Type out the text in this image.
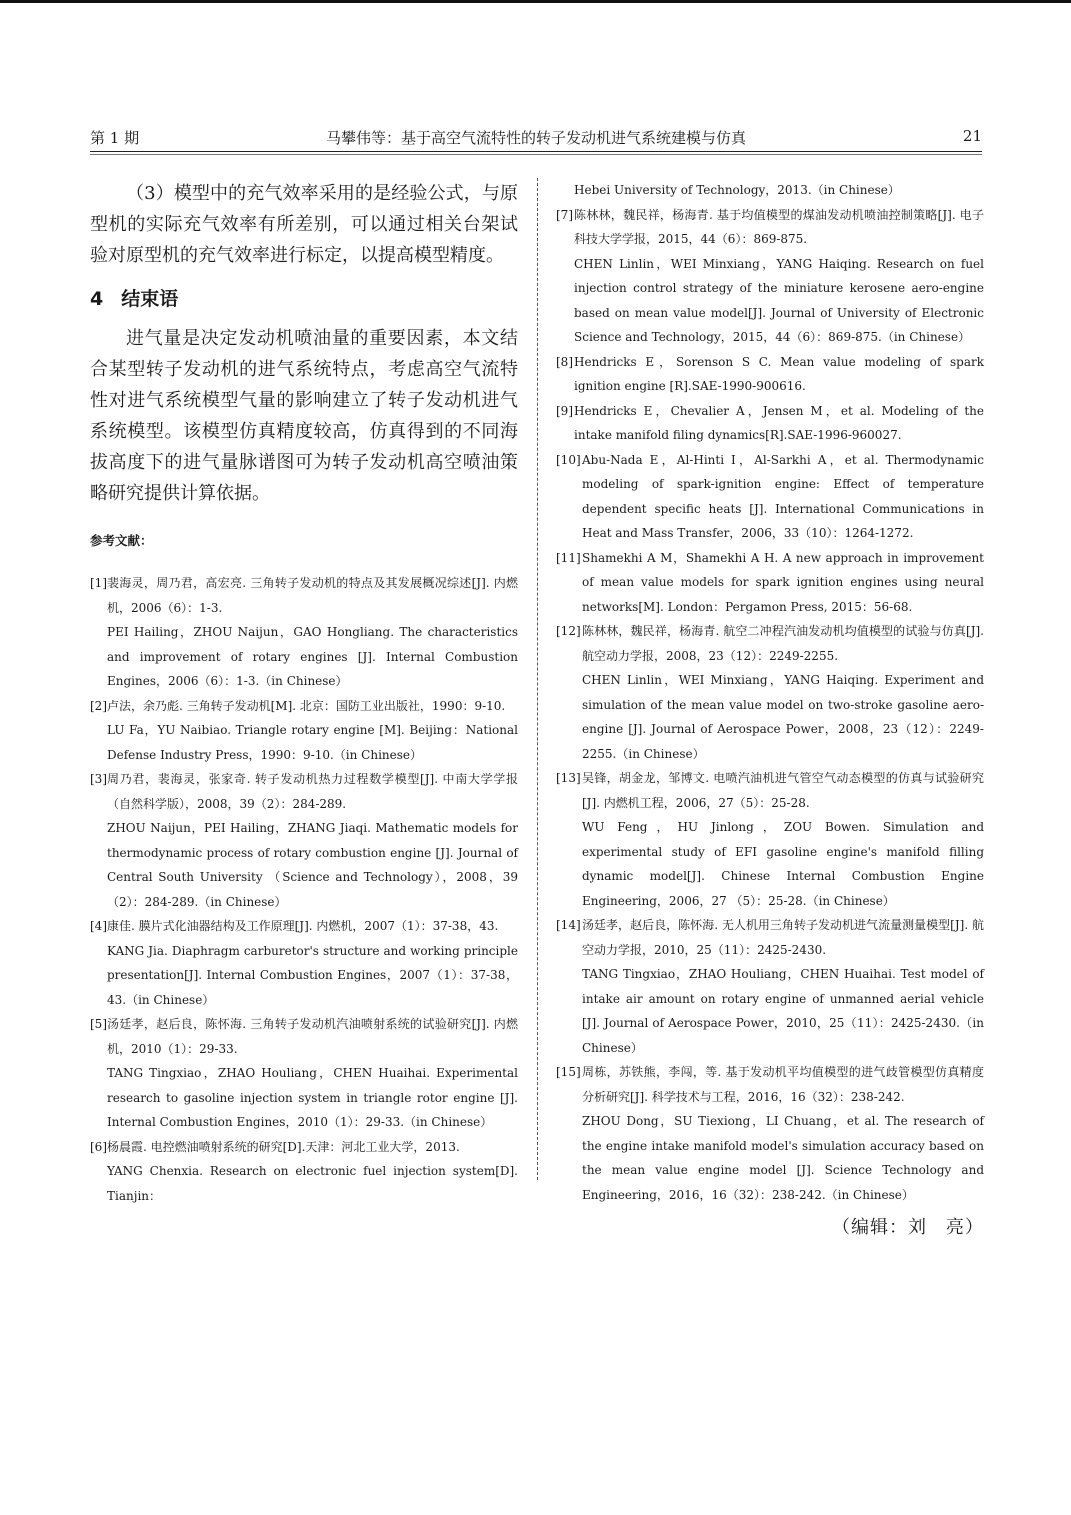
第 1 期	马攀伟等：基于高空气流特性的转子发动机进气系统建模与仿真	21

（3）模型中的充气效率采用的是经验公式，与原型机的实际充气效率有所差别，可以通过相关台架试验对原型机的充气效率进行标定，以提高模型精度。

4 结束语

进气量是决定发动机喷油量的重要因素，本文结合某型转子发动机的进气系统特点，考虑高空气流特性对进气系统模型气量的影响建立了转子发动机进气系统模型。该模型仿真精度较高，仿真得到的不同海拔高度下的进气量脉谱图可为转子发动机高空喷油策略研究提供计算依据。

参考文献：
[1] 裴海灵，周乃君，高宏亮. 三角转子发动机的特点及其发展概况综述[J]. 内燃机，2006（6）：1-3.

PEI Hailing，ZHOU Naijun，GAO Hongliang. The characteristics and improvement of rotary engines [J]. Internal Combustion Engines，2006（6）：1-3.（in Chinese）

[2] 卢法，余乃彪. 三角转子发动机[M]. 北京：国防工业出版社，1990：9-10.

LU Fa，YU Naibiao. Triangle rotary engine [M]. Beijing：National Defense Industry Press，1990：9-10.（in Chinese）

[3] 周乃君，裴海灵，张家奇. 转子发动机热力过程数学模型[J]. 中南大学学报（自然科学版），2008，39（2）：284-289.

ZHOU Naijun，PEI Hailing，ZHANG Jiaqi. Mathematic models for thermodynamic process of rotary combustion engine [J]. Journal of Central South University （Science and Technology），2008，39 （2）：284-289.（in Chinese）

[4] 康佳. 膜片式化油器结构及工作原理[J]. 内燃机，2007（1）：37-38，43.

KANG Jia. Diaphragm carburetor's structure and working principle presentation[J]. Internal Combustion Engines，2007（1）：37-38，43.（in Chinese）

[5] 汤廷孝，赵后良，陈怀海. 三角转子发动机汽油喷射系统的试验研究[J]. 内燃机，2010（1）：29-33.

TANG Tingxiao，ZHAO Houliang，CHEN Huaihai. Experimental research to gasoline injection system in triangle rotor engine [J]. Internal Combustion Engines，2010（1）：29-33.（in Chinese）

[6] 杨晨霞. 电控燃油喷射系统的研究[D].天津：河北工业大学，2013.

YANG Chenxia. Research on electronic fuel injection system[D]. Tianjin：

Hebei University of Technology，2013.（in Chinese）
[7] 陈林林，魏民祥，杨海青. 基于均值模型的煤油发动机喷油控制策略[J]. 电子科技大学学报，2015，44（6）：869-875.

CHEN Linlin，WEI Minxiang，YANG Haiqing. Research on fuel injection control strategy of the miniature kerosene aero-engine based on mean value model[J]. Journal of University of Electronic Science and Technology，2015，44（6）：869-875.（in Chinese）

[8] Hendricks E，Sorenson S C. Mean value modeling of spark ignition engine [R].SAE-1990-900616.

[9] Hendricks E，Chevalier A，Jensen M，et al. Modeling of the intake manifold filing dynamics[R].SAE-1996-960027.

[10] Abu-Nada E，Al-Hinti I，Al-Sarkhi A，et al. Thermodynamic modeling of spark-ignition engine: Effect of temperature dependent specific heats [J]. International Communications in Heat and Mass Transfer，2006，33（10）：1264-1272.

[11] Shamekhi A M，Shamekhi A H. A new approach in improvement of mean value models for spark ignition engines using neural networks[M]. London：Pergamon Press, 2015：56-68.

[12] 陈林林，魏民祥，杨海青. 航空二冲程汽油发动机均值模型的试验与仿真[J]. 航空动力学报，2008，23（12）：2249-2255.

CHEN Linlin，WEI Minxiang，YANG Haiqing. Experiment and simulation of the mean value model on two-stroke gasoline aero-engine [J]. Journal of Aerospace Power，2008，23（12）：2249-2255.（in Chinese）

[13] 吴锋，胡金龙，邹博文. 电喷汽油机进气管空气动态模型的仿真与试验研究[J]. 内燃机工程，2006，27（5）：25-28.

WU Feng，HU Jinlong，ZOU Bowen. Simulation and experimental study of EFI gasoline engine's manifold filling dynamic model[J]. Chinese Internal Combustion Engine Engineering，2006，27 （5）：25-28.（in Chinese）

[14] 汤廷孝，赵后良，陈怀海. 无人机用三角转子发动机进气流量测量模型[J]. 航空动力学报，2010，25（11）：2425-2430.

TANG Tingxiao，ZHAO Houliang，CHEN Huaihai. Test model of intake air amount on rotary engine of unmanned aerial vehicle [J]. Journal of Aerospace Power，2010，25（11）：2425-2430.（in Chinese）

[15] 周栋，苏铁熊，李闯，等. 基于发动机平均值模型的进气歧管模型仿真精度分析研究[J]. 科学技术与工程，2016，16（32）：238-242.

ZHOU Dong，SU Tiexiong，LI Chuang，et al. The research of the engine intake manifold model's simulation accuracy based on the mean value engine model [J]. Science Technology and Engineering，2016，16（32）：238-242.（in Chinese）

（编辑：刘　亮）
